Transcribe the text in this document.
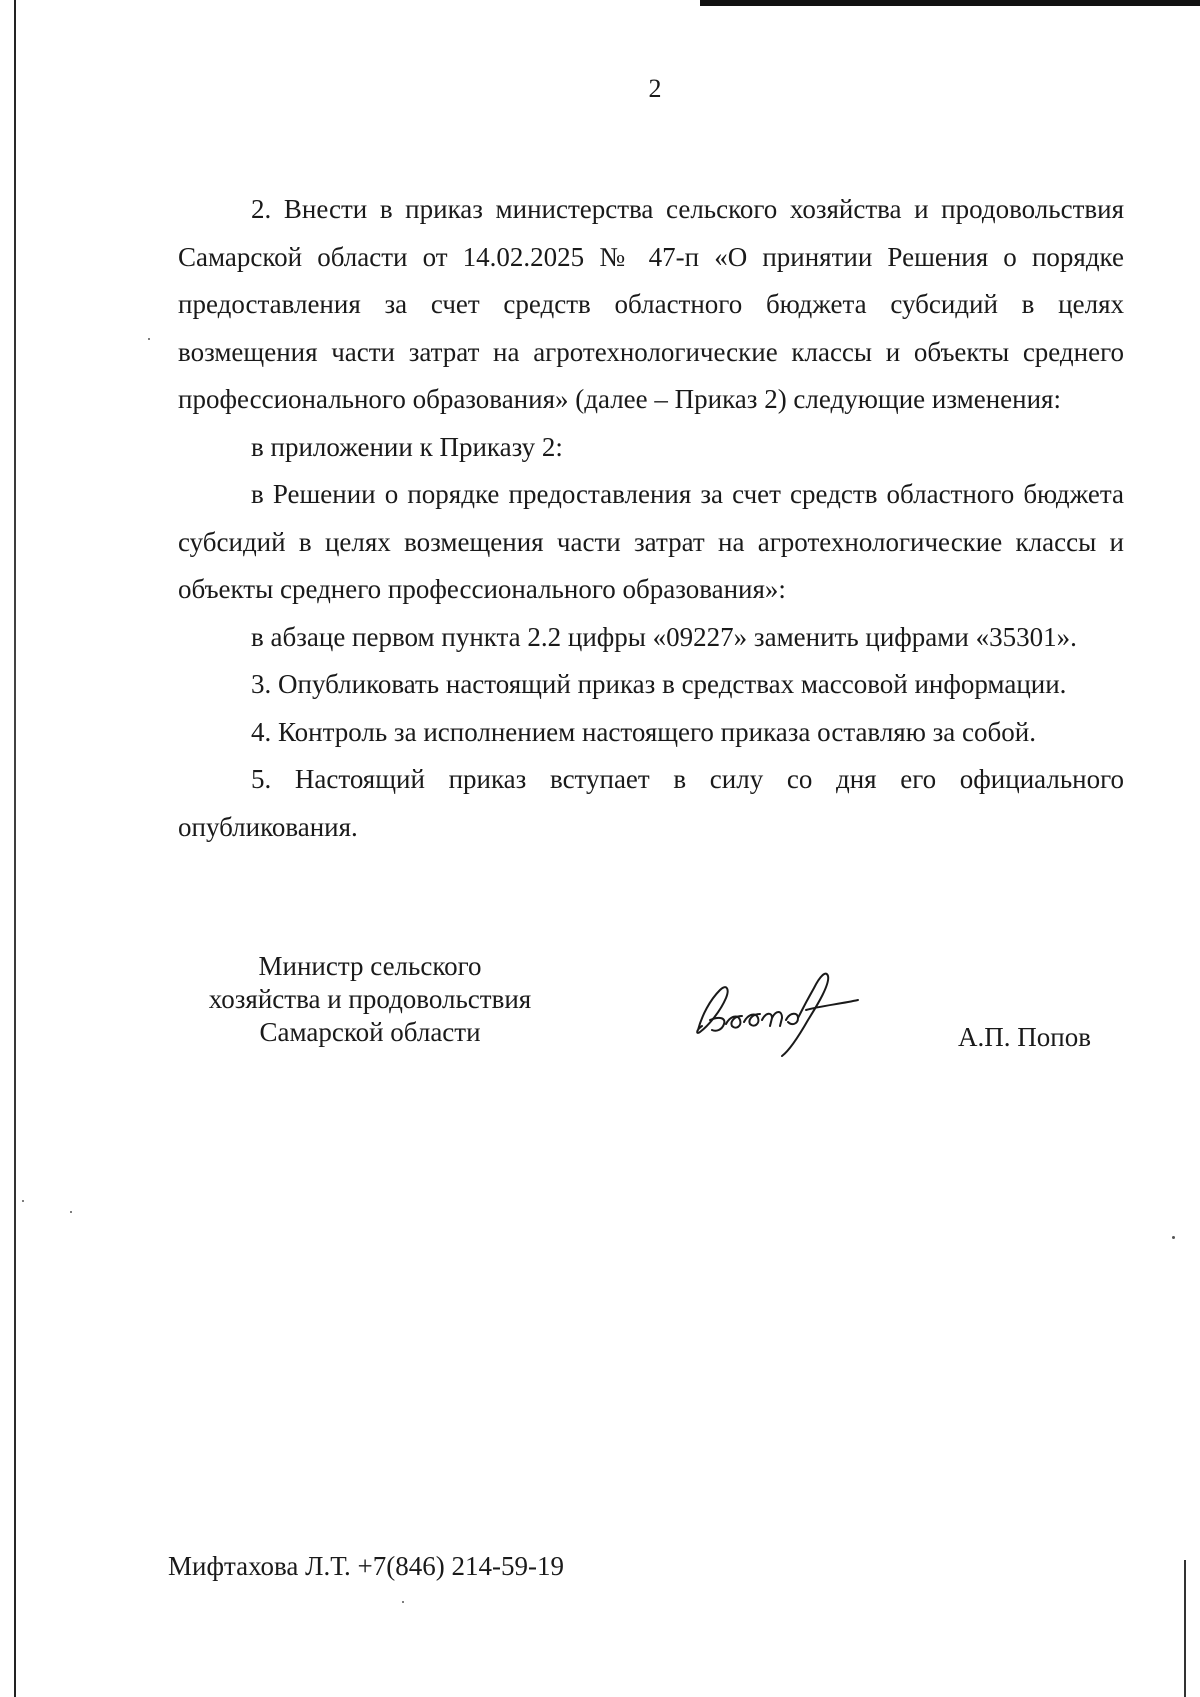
2

2. Внести в приказ министерства сельского хозяйства и продовольствия Самарской области от 14.02.2025 № 47-п «О принятии Решения о порядке предоставления за счет средств областного бюджета субсидий в целях возмещения части затрат на агротехнологические классы и объекты среднего профессионального образования» (далее – Приказ 2) следующие изменения:

в приложении к Приказу 2:

в Решении о порядке предоставления за счет средств областного бюджета субсидий в целях возмещения части затрат на агротехнологические классы и объекты среднего профессионального образования»:

в абзаце первом пункта 2.2 цифры «09227» заменить цифрами «35301».

3. Опубликовать настоящий приказ в средствах массовой информации.

4. Контроль за исполнением настоящего приказа оставляю за собой.

5. Настоящий приказ вступает в силу со дня его официального опубликования.

Министр сельского
хозяйства и продовольствия
Самарской области	А.П. Попов
Мифтахова Л.Т. +7(846) 214-59-19
